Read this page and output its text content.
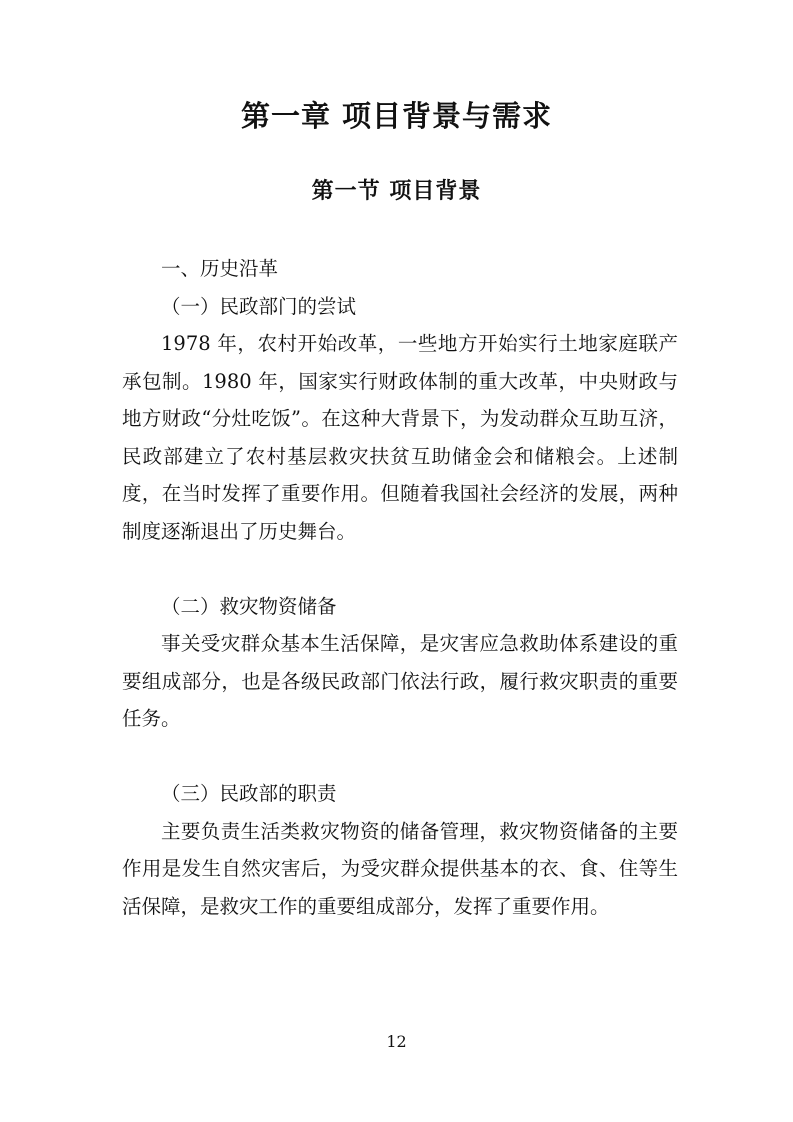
第一章 项目背景与需求
第一节 项目背景

一、历史沿革

（一）民政部门的尝试

1978 年，农村开始改革，一些地方开始实行土地家庭联产承包制。1980 年，国家实行财政体制的重大改革，中央财政与地方财政“分灶吃饭”。在这种大背景下，为发动群众互助互济，民政部建立了农村基层救灾扶贫互助储金会和储粮会。上述制度，在当时发挥了重要作用。但随着我国社会经济的发展，两种制度逐渐退出了历史舞台。

（二）救灾物资储备

事关受灾群众基本生活保障，是灾害应急救助体系建设的重要组成部分，也是各级民政部门依法行政，履行救灾职责的重要任务。

（三）民政部的职责

主要负责生活类救灾物资的储备管理，救灾物资储备的主要作用是发生自然灾害后，为受灾群众提供基本的衣、食、住等生活保障，是救灾工作的重要组成部分，发挥了重要作用。

12
